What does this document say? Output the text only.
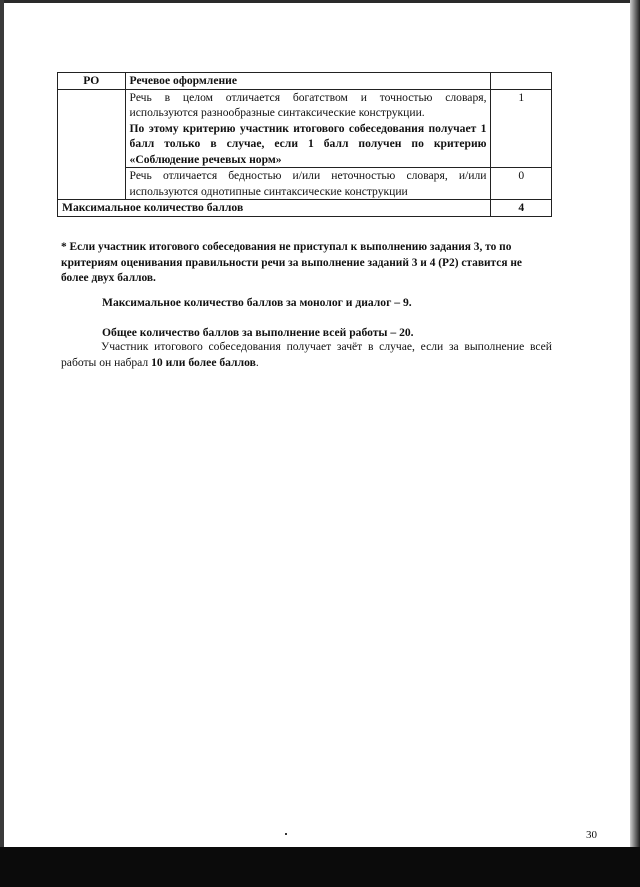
РО	Речевое оформление	
	Речь в целом отличается богатством и точностью словаря, используются разнообразные синтаксические конструкции.
По этому критерию участник итогового собеседования получает 1 балл только в случае, если 1 балл получен по критерию «Соблюдение речевых норм»	1
	Речь отличается бедностью и/или неточностью словаря, и/или используются однотипные синтаксические конструкции	0
Максимальное количество баллов		4
* Если участник итогового собеседования не приступал к выполнению задания 3, то по критериям оценивания правильности речи за выполнение заданий 3 и 4 (Р2) ставится не более двух баллов.
Максимальное количество баллов за монолог и диалог – 9.
Общее количество баллов за выполнение всей работы – 20.
Участник итогового собеседования получает зачёт в случае, если за выполнение всей работы он набрал 10 или более баллов.
30
